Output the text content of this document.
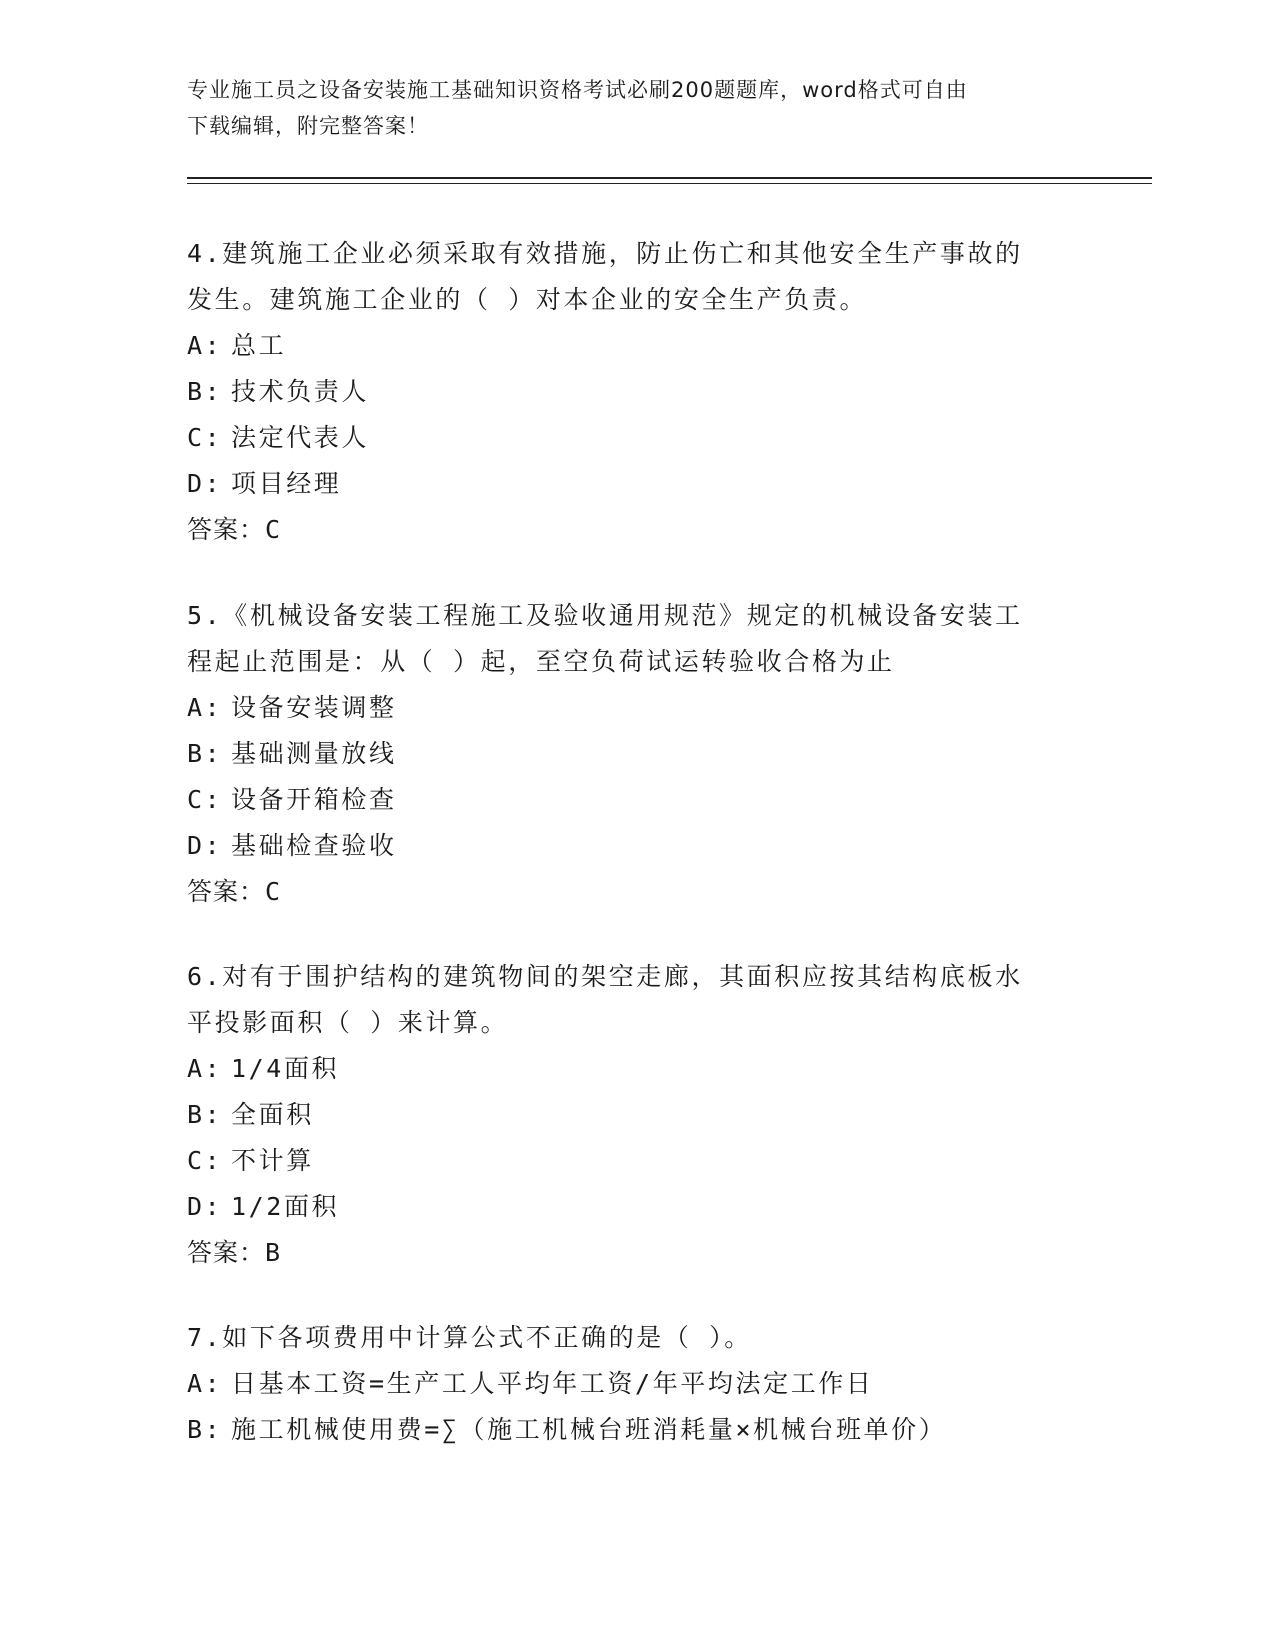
专业施工员之设备安装施工基础知识资格考试必刷200题题库，word格式可自由
下载编辑，附完整答案！

4.建筑施工企业必须采取有效措施，防止伤亡和其他安全生产事故的

发生。建筑施工企业的（ ）对本企业的安全生产负责。

A: 总工

B: 技术负责人

C: 法定代表人

D: 项目经理

答案：C

5.《机械设备安装工程施工及验收通用规范》规定的机械设备安装工

程起止范围是：从（ ）起，至空负荷试运转验收合格为止

A: 设备安装调整

B: 基础测量放线

C: 设备开箱检查

D: 基础检查验收

答案：C

6.对有于围护结构的建筑物间的架空走廊，其面积应按其结构底板水

平投影面积（ ）来计算。

A: 1/4面积

B: 全面积

C: 不计算

D: 1/2面积

答案：B

7.如下各项费用中计算公式不正确的是（ ）。

A: 日基本工资=生产工人平均年工资/年平均法定工作日

B: 施工机械使用费=∑（施工机械台班消耗量×机械台班单价）
